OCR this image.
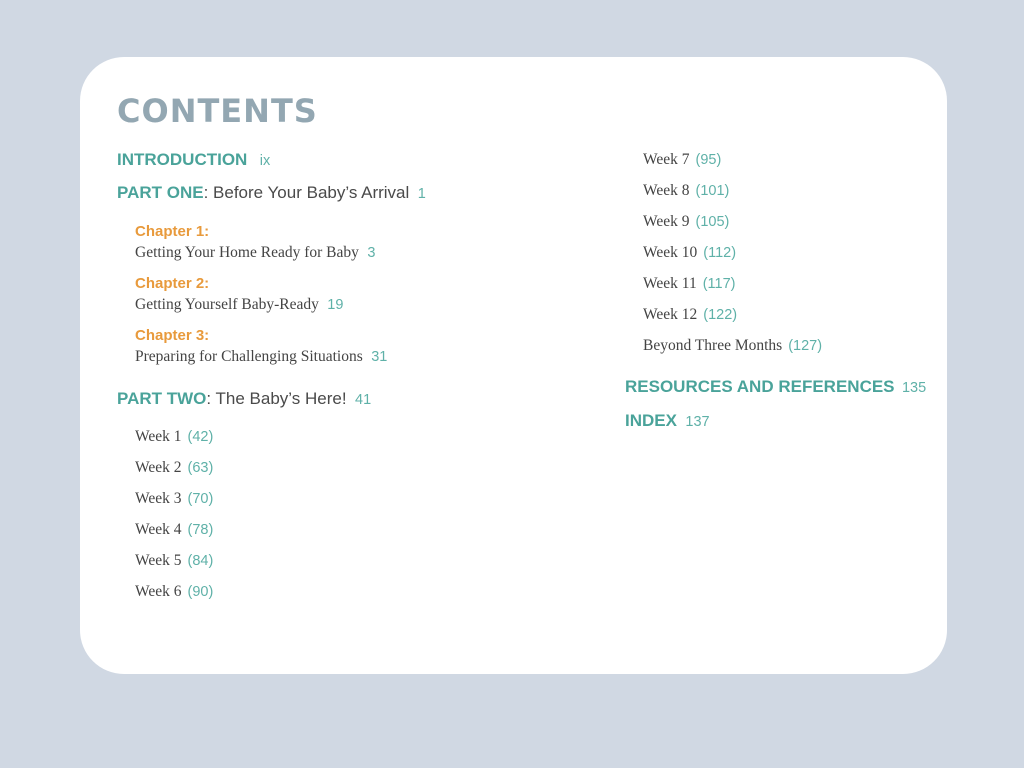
CONTENTS
INTRODUCTION ix
PART ONE: Before Your Baby’s Arrival 1
Chapter 1:
Getting Your Home Ready for Baby 3
Chapter 2:
Getting Yourself Baby-Ready 19
Chapter 3:
Preparing for Challenging Situations 31
PART TWO: The Baby’s Here! 41
Week 1 (42)
Week 2 (63)
Week 3 (70)
Week 4 (78)
Week 5 (84)
Week 6 (90)
Week 7 (95)
Week 8 (101)
Week 9 (105)
Week 10 (112)
Week 11 (117)
Week 12 (122)
Beyond Three Months (127)
RESOURCES AND REFERENCES 135
INDEX 137
